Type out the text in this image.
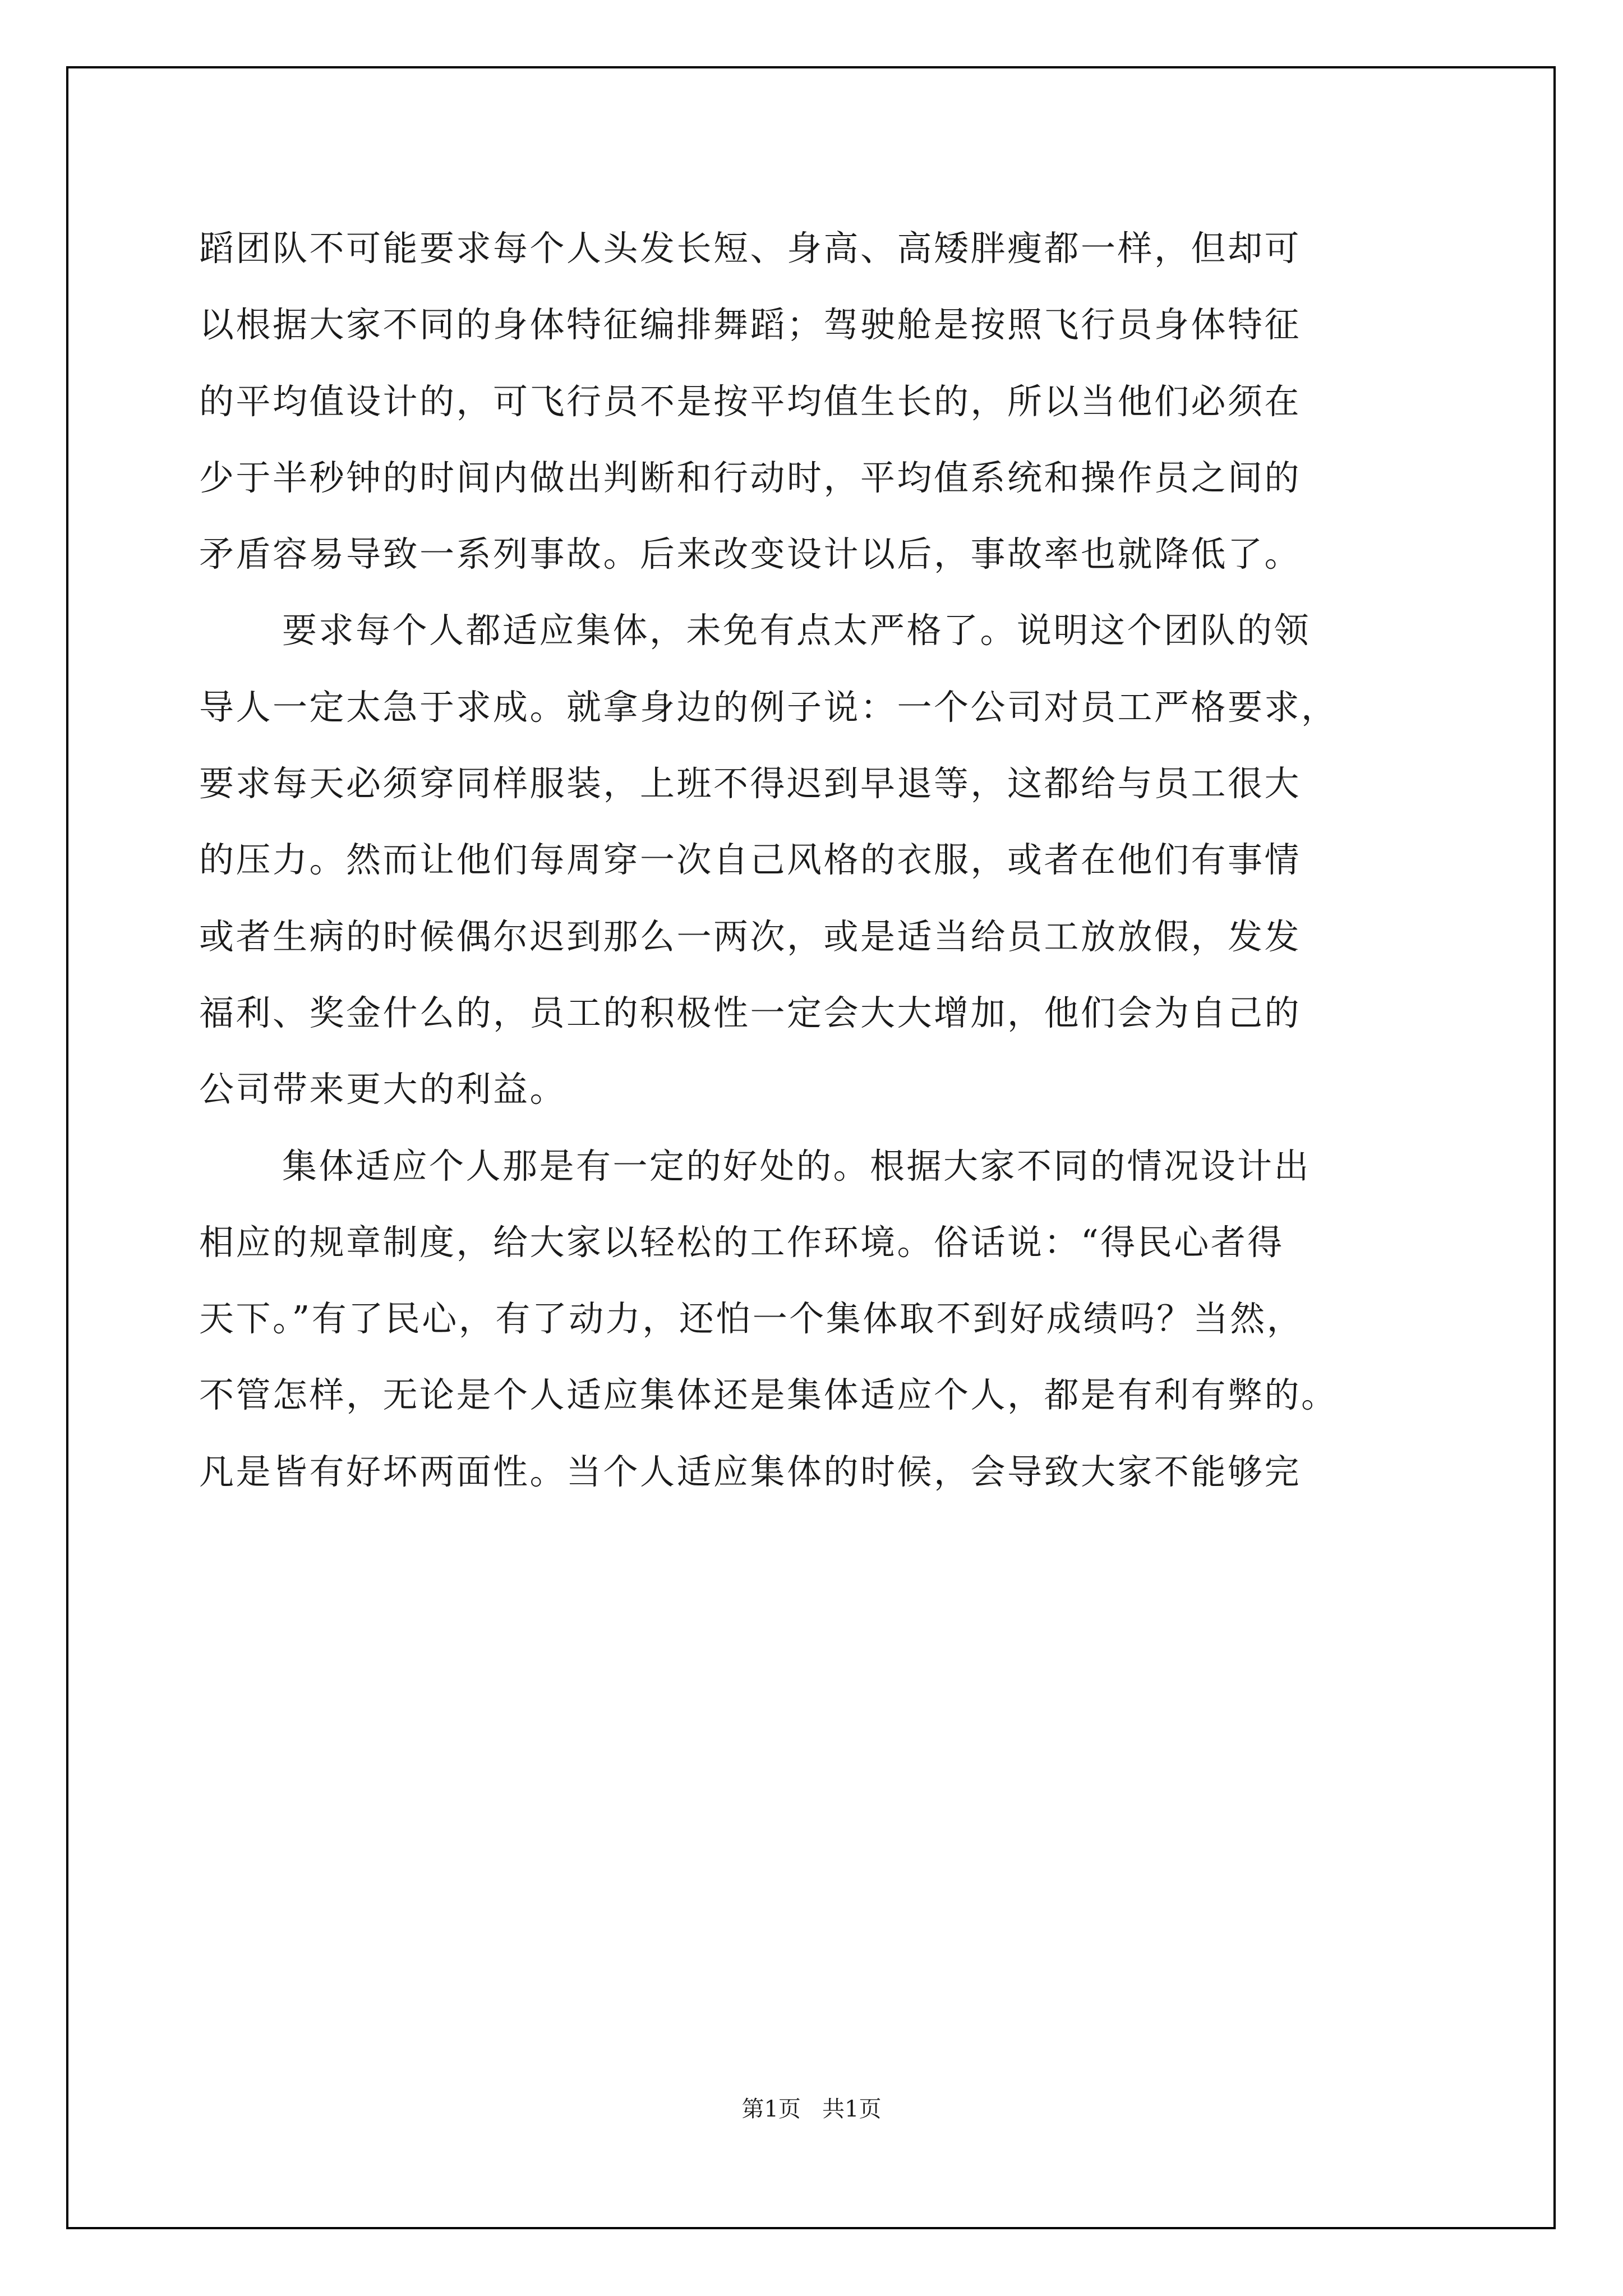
蹈团队不可能要求每个人头发长短、身高、高矮胖瘦都一样，但却可
以根据大家不同的身体特征编排舞蹈；驾驶舱是按照飞行员身体特征
的平均值设计的，可飞行员不是按平均值生长的，所以当他们必须在
少于半秒钟的时间内做出判断和行动时，平均值系统和操作员之间的
矛盾容易导致一系列事故。后来改变设计以后，事故率也就降低了。
要求每个人都适应集体，未免有点太严格了。说明这个团队的领
导人一定太急于求成。就拿身边的例子说：一个公司对员工严格要求，
要求每天必须穿同样服装，上班不得迟到早退等，这都给与员工很大
的压力。然而让他们每周穿一次自己风格的衣服，或者在他们有事情
或者生病的时候偶尔迟到那么一两次，或是适当给员工放放假，发发
福利、奖金什么的，员工的积极性一定会大大增加，他们会为自己的
公司带来更大的利益。
集体适应个人那是有一定的好处的。根据大家不同的情况设计出
相应的规章制度，给大家以轻松的工作环境。俗话说：“得民心者得
天下。”有了民心，有了动力，还怕一个集体取不到好成绩吗？当然，
不管怎样，无论是个人适应集体还是集体适应个人，都是有利有弊的。
凡是皆有好坏两面性。当个人适应集体的时候，会导致大家不能够完
第1页   共1页
